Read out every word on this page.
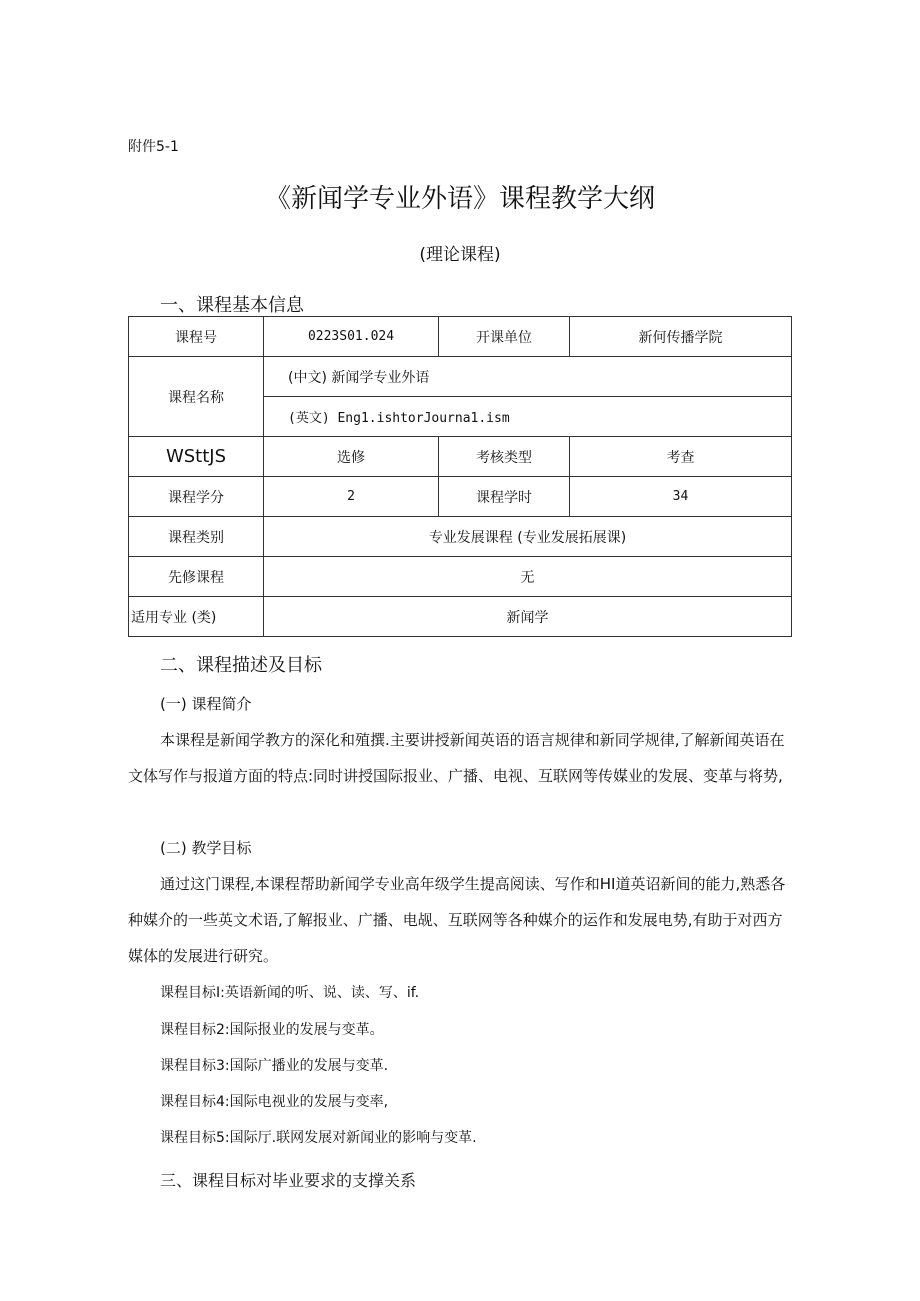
附件5-1
《新闻学专业外语》课程教学大纲
(理论课程)
一、课程基本信息
课程号	0223S01.024	开课单位	新何传播学院
课程名称	(中文) 新闻学专业外语		
	(英文) Eng1.ishtorJourna1.ism		
WSttJS	选修	考核类型	考查
课程学分	2	课程学时	34
课程类别	专业发展课程 (专业发展拓展课)		
先修课程	无		
适用专业 (类)	新闻学		
二、课程描述及目标
(一) 课程简介
本课程是新闻学教方的深化和殖撰.主要讲授新闻英语的语言规律和新同学规律,了解新闻英语在文体写作与报道方面的特点:同时讲授国际报业、广播、电视、互联网等传媒业的发展、变革与将势,
(二) 教学目标
通过这门课程,本课程帮助新闻学专业高年级学生提高阅读、写作和HI道英诏新间的能力,熟悉各种媒介的一些英文术语,了解报业、广播、电觇、互联网等各种媒介的运作和发展电势,有助于对西方媒体的发展进行研究。
课程目标I:英语新闻的听、说、读、写、if.
课程目标2:国际报业的发展与变革。
课程目标3:国际广播业的发展与变革.
课程目标4:国际电视业的发展与变率,
课程目标5:国际厅.联网发展对新闻业的影响与变革.
三、课程目标对毕业要求的支撑关系
